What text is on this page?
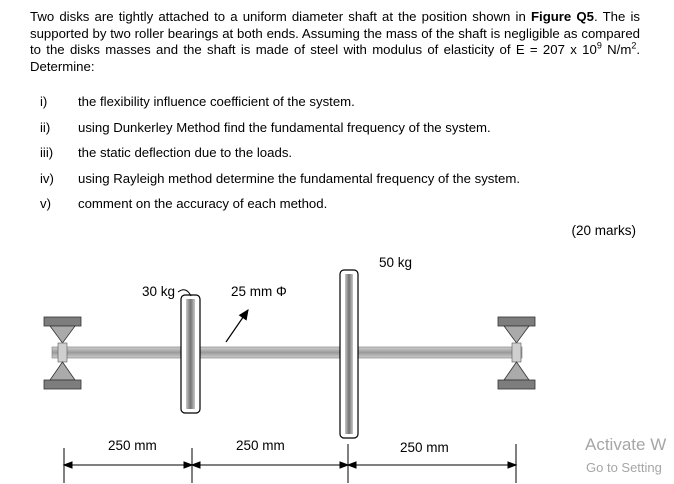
Two disks are tightly attached to a uniform diameter shaft at the position shown in Figure Q5. The is supported by two roller bearings at both ends. Assuming the mass of the shaft is negligible as compared to the disks masses and the shaft is made of steel with modulus of elasticity of E = 207 x $10^9$ $N/m^2$. Determine:
i)	the flexibility influence coefficient of the system.
ii)	using Dunkerley Method find the fundamental frequency of the system.
iii)	the static deflection due to the loads.
iv)	using Rayleigh method determine the fundamental frequency of the system.
v)	comment on the accuracy of each method.
(20 marks)
30 kg	25 mm Φ
50 kg
250 mm	250 mm	250 mm	Activate W
Go to Setting
